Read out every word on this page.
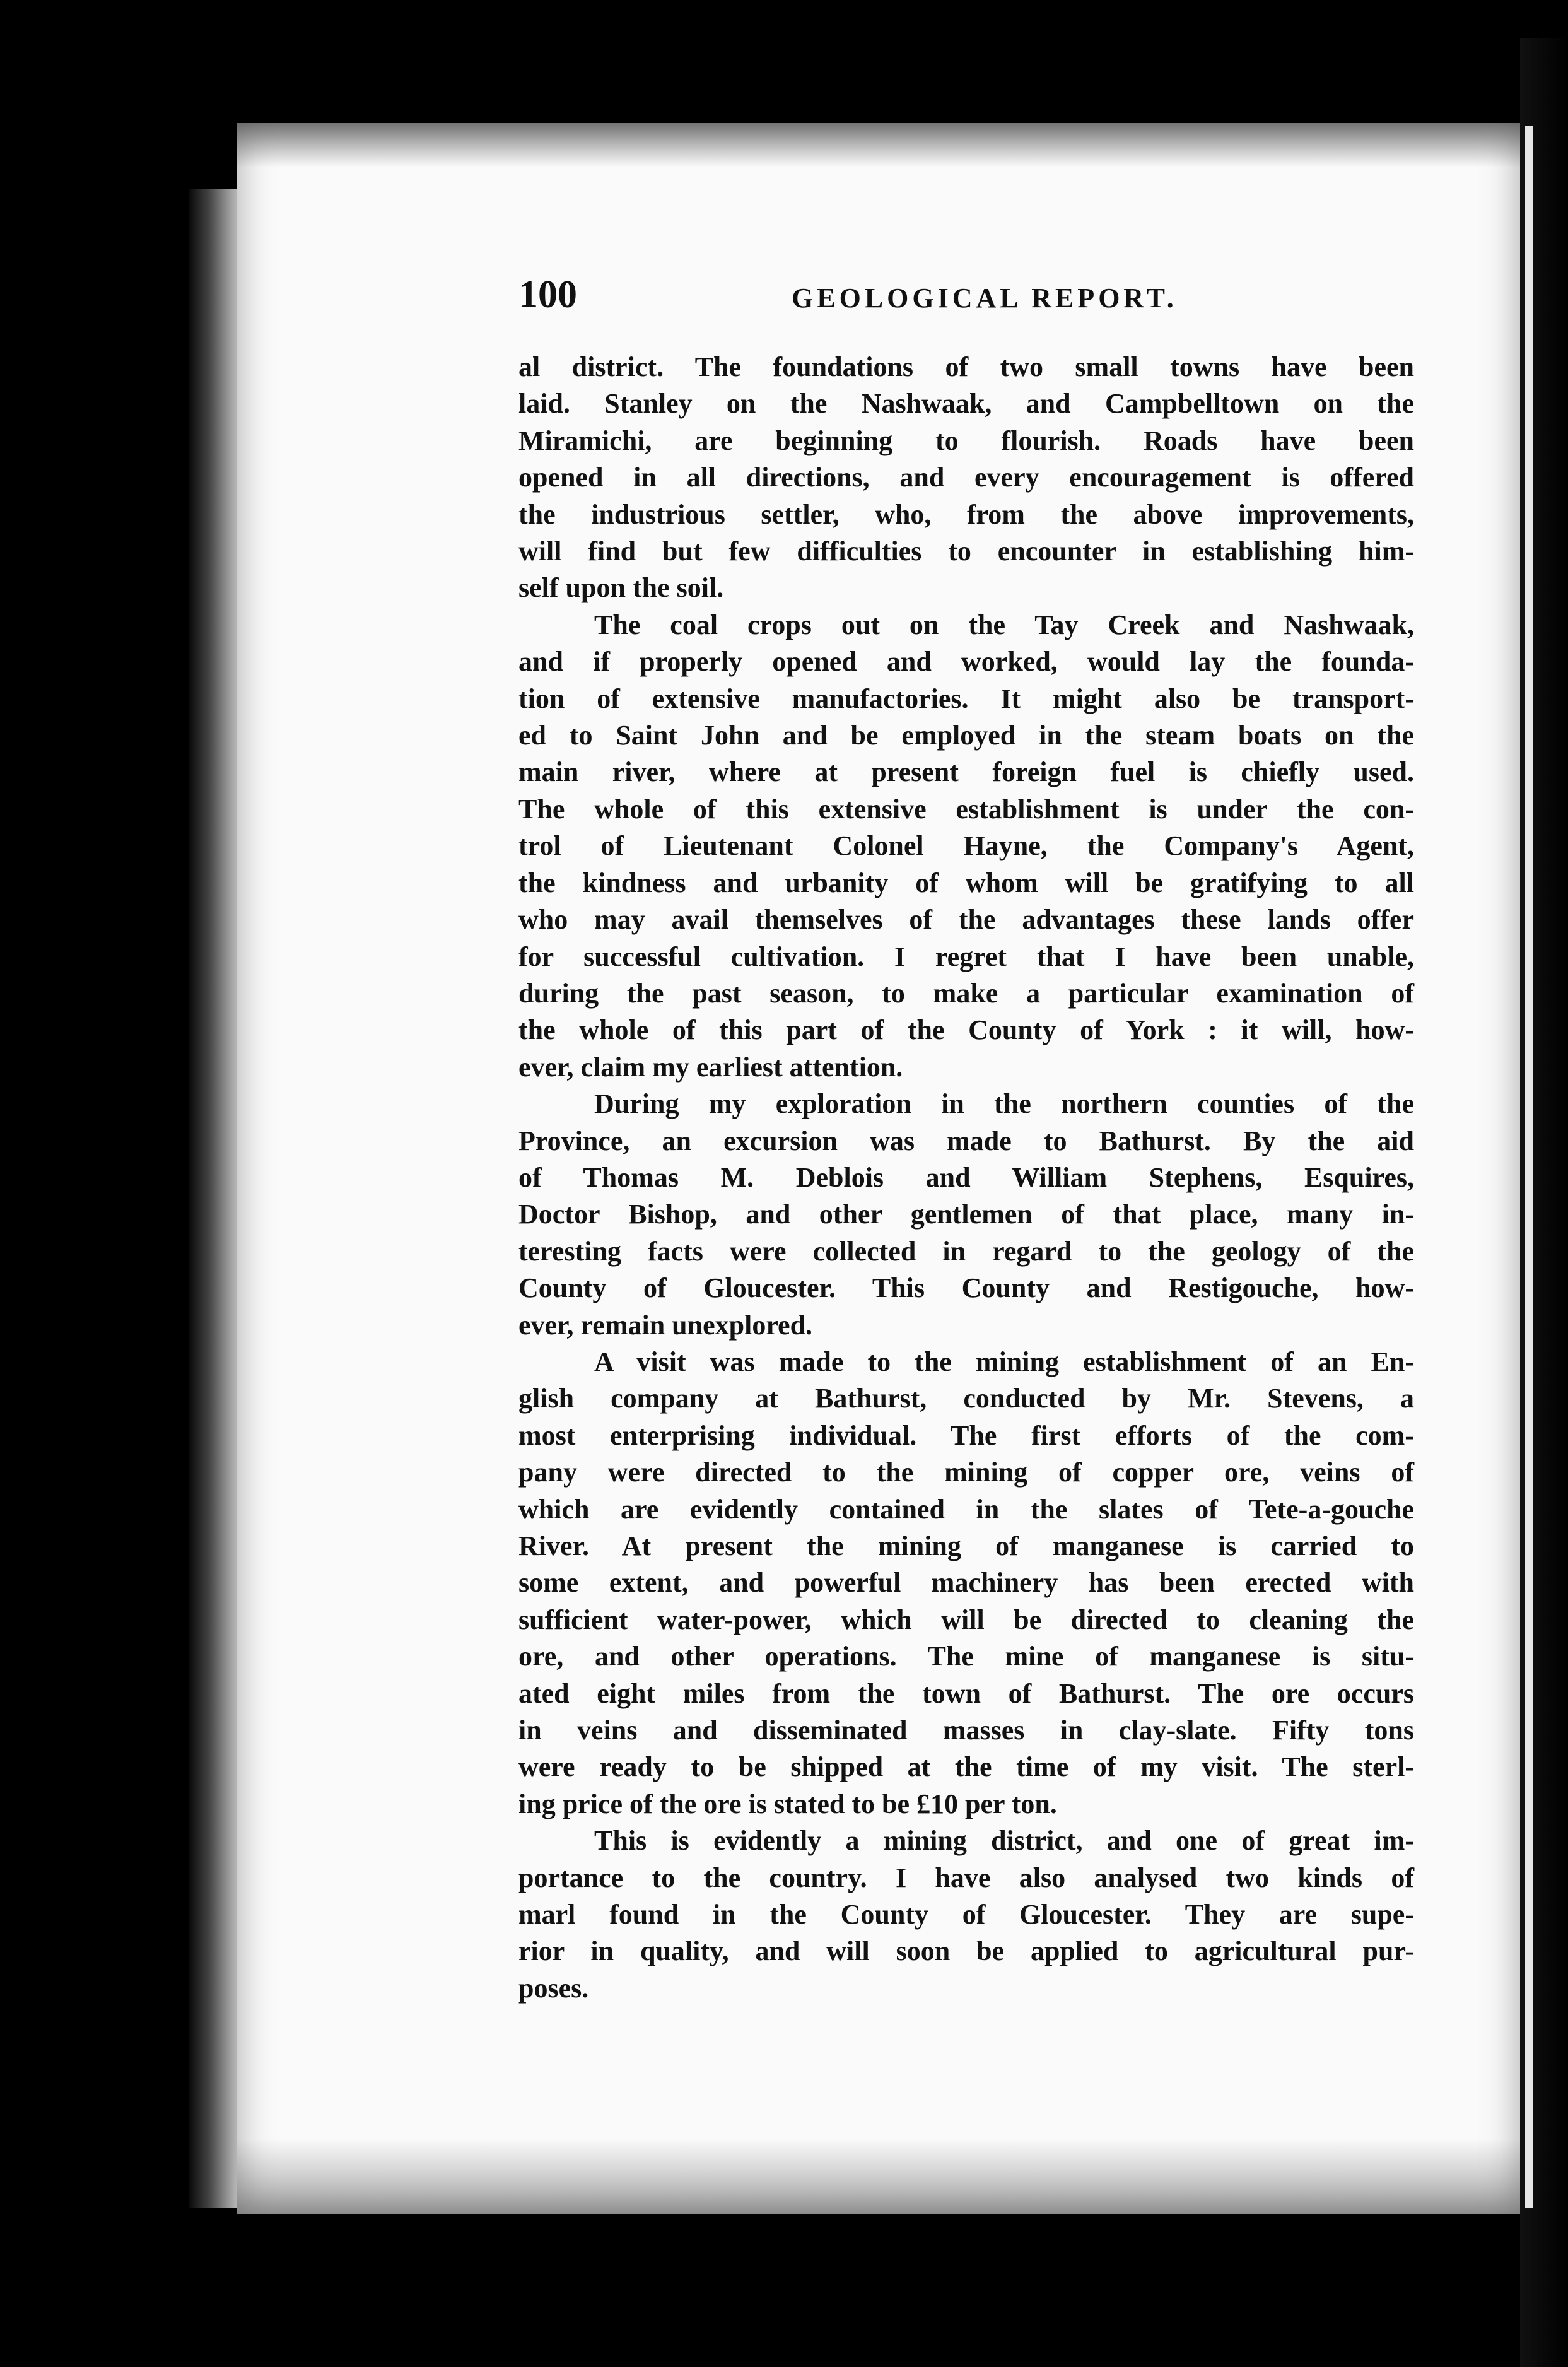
100	GEOLOGICAL REPORT.
al district. The foundations of two small towns have been
laid. Stanley on the Nashwaak, and Campbelltown on the
Miramichi, are beginning to flourish. Roads have been
opened in all directions, and every encouragement is offered
the industrious settler, who, from the above improvements,
will find but few difficulties to encounter in establishing him-
self upon the soil.
The coal crops out on the Tay Creek and Nashwaak,
and if properly opened and worked, would lay the founda-
tion of extensive manufactories. It might also be transport-
ed to Saint John and be employed in the steam boats on the
main river, where at present foreign fuel is chiefly used.
The whole of this extensive establishment is under the con-
trol of Lieutenant Colonel Hayne, the Company's Agent,
the kindness and urbanity of whom will be gratifying to all
who may avail themselves of the advantages these lands offer
for successful cultivation. I regret that I have been unable,
during the past season, to make a particular examination of
the whole of this part of the County of York : it will, how-
ever, claim my earliest attention.
During my exploration in the northern counties of the
Province, an excursion was made to Bathurst. By the aid
of Thomas M. Deblois and William Stephens, Esquires,
Doctor Bishop, and other gentlemen of that place, many in-
teresting facts were collected in regard to the geology of the
County of Gloucester. This County and Restigouche, how-
ever, remain unexplored.
A visit was made to the mining establishment of an En-
glish company at Bathurst, conducted by Mr. Stevens, a
most enterprising individual. The first efforts of the com-
pany were directed to the mining of copper ore, veins of
which are evidently contained in the slates of Tete-a-gouche
River. At present the mining of manganese is carried to
some extent, and powerful machinery has been erected with
sufficient water-power, which will be directed to cleaning the
ore, and other operations. The mine of manganese is situ-
ated eight miles from the town of Bathurst. The ore occurs
in veins and disseminated masses in clay-slate. Fifty tons
were ready to be shipped at the time of my visit. The sterl-
ing price of the ore is stated to be £10 per ton.
This is evidently a mining district, and one of great im-
portance to the country. I have also analysed two kinds of
marl found in the County of Gloucester. They are supe-
rior in quality, and will soon be applied to agricultural pur-
poses.
